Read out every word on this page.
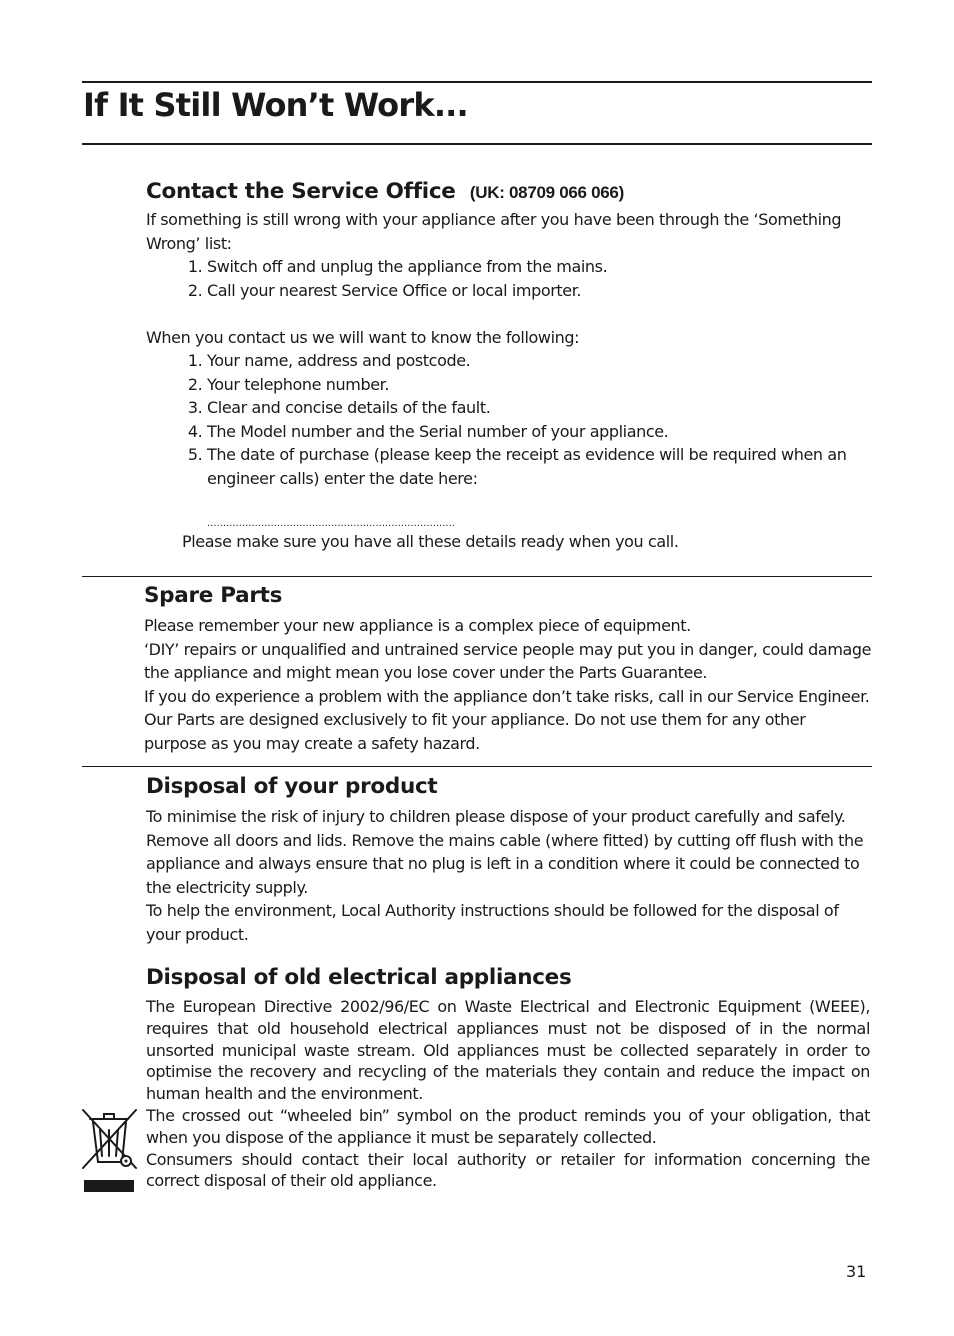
If It Still Won’t Work...
Contact the Service Office (UK: 08709 066 066)

If something is still wrong with your appliance after you have been through the ‘Something Wrong’ list:

1. Switch off and unplug the appliance from the mains.
2. Call your nearest Service Office or local importer.

When you contact us we will want to know the following:

1. Your name, address and postcode.
2. Your telephone number.
3. Clear and concise details of the fault.
4. The Model number and the Serial number of your appliance.
5. The date of purchase (please keep the receipt as evidence will be required when an engineer calls) enter the date here:
..............................................................................

Please make sure you have all these details ready when you call.

Spare Parts

Please remember your new appliance is a complex piece of equipment.

‘DIY’ repairs or unqualified and untrained service people may put you in danger, could damage the appliance and might mean you lose cover under the Parts Guarantee.

If you do experience a problem with the appliance don’t take risks, call in our Service Engineer. Our Parts are designed exclusively to fit your appliance. Do not use them for any other purpose as you may create a safety hazard.

Disposal of your product

To minimise the risk of injury to children please dispose of your product carefully and safely. Remove all doors and lids. Remove the mains cable (where fitted) by cutting off flush with the appliance and always ensure that no plug is left in a condition where it could be connected to the electricity supply.

To help the environment, Local Authority instructions should be followed for the disposal of your product.

Disposal of old electrical appliances

The European Directive 2002/96/EC on Waste Electrical and Electronic Equipment (WEEE), requires that old household electrical appliances must not be disposed of in the normal unsorted municipal waste stream. Old appliances must be collected separately in order to optimise the recovery and recycling of the materials they contain and reduce the impact on human health and the environment.

The crossed out “wheeled bin” symbol on the product reminds you of your obligation, that when you dispose of the appliance it must be separately collected.

Consumers should contact their local authority or retailer for information concerning the correct disposal of their old appliance.

31
